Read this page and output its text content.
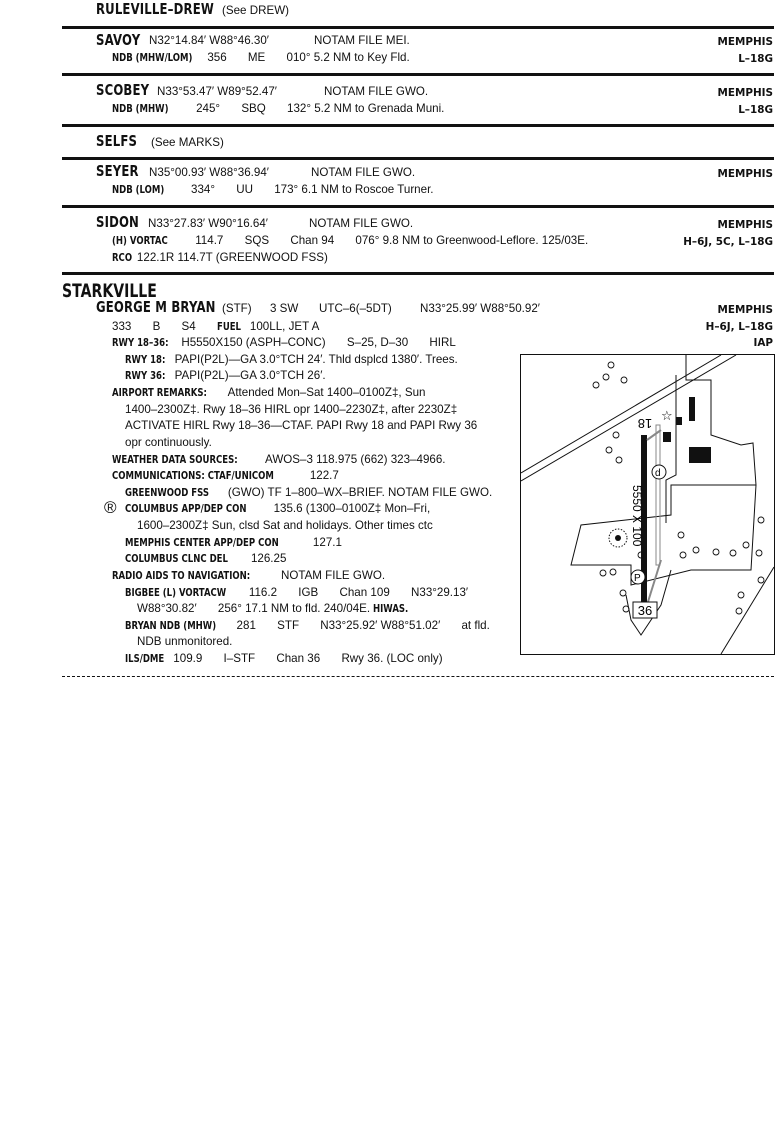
RULEVILLE–DREW (See DREW)
SAVOY N32°14.84′ W88°46.30′	NOTAM FILE MEI.	MEMPHIS
NDB (MHW/LOM) 356 ME 010° 5.2 NM to Key Fld.	L–18G
SCOBEY N33°53.47′ W89°52.47′	NOTAM FILE GWO.	MEMPHIS
NDB (MHW) 245° SBQ 132° 5.2 NM to Grenada Muni.	L–18G
SELFS (See MARKS)
SEYER N35°00.93′ W88°36.94′	NOTAM FILE GWO.	MEMPHIS
NDB (LOM) 334° UU 173° 6.1 NM to Roscoe Turner.
SIDON N33°27.83′ W90°16.64′	NOTAM FILE GWO.	MEMPHIS
(H) VORTAC 114.7 SQS Chan 94 076° 9.8 NM to Greenwood-Leflore. 125/03E.	H–6J, 5C, L–18G
RCO 122.1R 114.7T (GREENWOOD FSS)
STARKVILLE
GEORGE M BRYAN (STF) 3 SW UTC–6(–5DT) N33°25.99′ W88°50.92′	MEMPHIS
333 B S4 FUEL 100LL, JET A	H–6J, L–18G
IAP
RWY 18–36: H5550X150 (ASPH–CONC) S–25, D–30 HIRL
RWY 18: PAPI(P2L)—GA 3.0°TCH 24′. Thld dsplcd 1380′. Trees.
RWY 36: PAPI(P2L)—GA 3.0°TCH 26′.
AIRPORT REMARKS: Attended Mon–Sat 1400–0100Z‡, Sun
1400–2300Z‡. Rwy 18–36 HIRL opr 1400–2230Z‡, after 2230Z‡
ACTIVATE HIRL Rwy 18–36—CTAF. PAPI Rwy 18 and PAPI Rwy 36
opr continuously.
WEATHER DATA SOURCES: AWOS–3 118.975 (662) 323–4966.
COMMUNICATIONS: CTAF/UNICOM	122.7
GREENWOOD FSS (GWO) TF 1–800–WX–BRIEF. NOTAM FILE GWO.
® COLUMBUS APP/DEP CON 135.6 (1300–0100Z‡ Mon–Fri,
1600–2300Z‡ Sun, clsd Sat and holidays. Other times ctc
MEMPHIS CENTER APP/DEP CON	127.1
COLUMBUS CLNC DEL 126.25
RADIO AIDS TO NAVIGATION:	NOTAM FILE GWO.
BIGBEE (L) VORTACW 116.2 IGB Chan 109 N33°29.13′
W88°30.82′ 256° 17.1 NM to fld. 240/04E. HIWAS.
BRYAN NDB (MHW) 281 STF N33°25.92′ W88°51.02′ at fld.
NDB unmonitored.
ILS/DME 109.9 I–STF Chan 36 Rwy 36. (LOC only)
☆
d
P
18
36
5550 X 100
